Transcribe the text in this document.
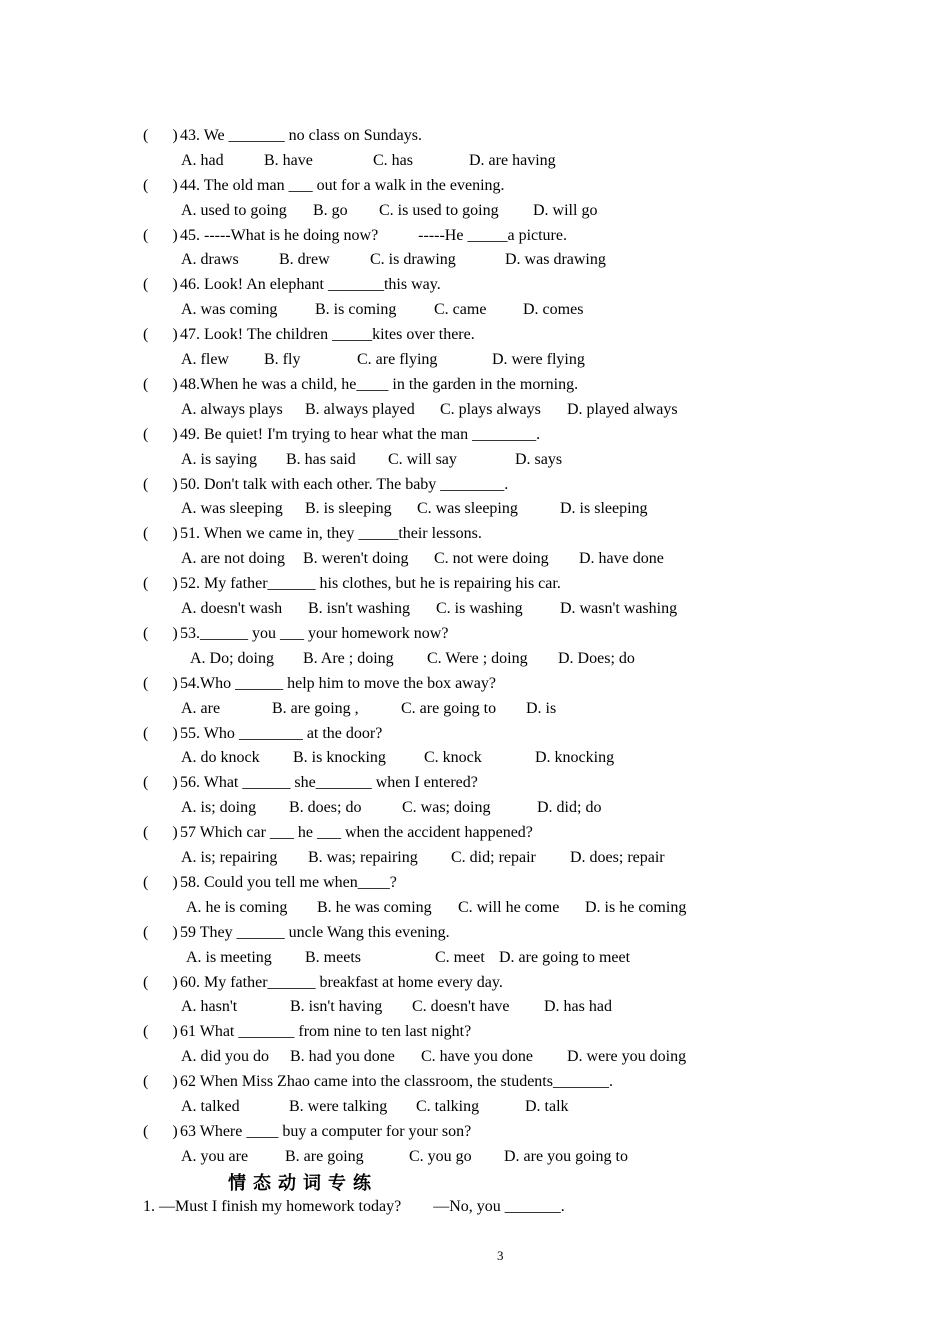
(      ) 43. We _______ no class on Sundays.
A. had	B. have	C. has	D. are having
(      ) 44. The old man ___ out for a walk in the evening.
A. used to going B. go C. is used to going D. will go
(      ) 45. -----What is he doing now?          -----He _____a picture.
A. draws	B. drew	C. is drawing	D. was drawing
(      ) 46. Look! An elephant _______this way.
A. was coming B. is coming C. came D. comes
(      ) 47. Look! The children _____kites over there.
A. flew B. fly	C. are flying	D. were flying
(      ) 48.When he was a child, he____ in the garden in the morning.
A. always plays B. always played C. plays always D. played always
(      ) 49. Be quiet! I'm trying to hear what the man ________.
A. is saying B. has said C. will say	D. says
(      ) 50. Don't talk with each other. The baby ________.
A. was sleeping B. is sleeping C. was sleeping	D. is sleeping
(      ) 51. When we came in, they _____their lessons.
A. are not doing B. weren't doing C. not were doing D. have done
(      ) 52. My father______ his clothes, but he is repairing his car.
A. doesn't wash B. isn't washing C. is washing D. wasn't washing
(      ) 53.______ you ___ your homework now?
A. Do; doing B. Are ; doing C. Were ; doing D. Does; do
(      ) 54.Who ______ help him to move the box away?
A. are	B. are going ,	C. are going to D. is
(      ) 55. Who ________ at the door?
A. do knock B. is knocking C. knock	D. knocking
(      ) 56. What ______ she_______ when I entered?
A. is; doing B. does; do	C. was; doing	D. did; do
(      ) 57 Which car ___ he ___ when the accident happened?
A. is; repairing B. was; repairing C. did; repair D. does; repair
(      ) 58. Could you tell me when____?
A. he is coming B. he was coming C. will he come D. is he coming
(      ) 59 They ______ uncle Wang this evening.
A. is meeting B. meets	C. meet D. are going to meet
(      ) 60. My father______ breakfast at home every day.
A. hasn't	B. isn't having C. doesn't have D. has had
(      ) 61 What _______ from nine to ten last night?
A. did you do B. had you done C. have you done D. were you doing
(      ) 62 When Miss Zhao came into the classroom, the students_______.
A. talked	B. were talking C. talking	D. talk
(      ) 63 Where ____ buy a computer for your son?
A. you are B. are going	C. you go D. are you going to
情态动词专练
1. —Must I finish my homework today?        —No, you _______.
3
